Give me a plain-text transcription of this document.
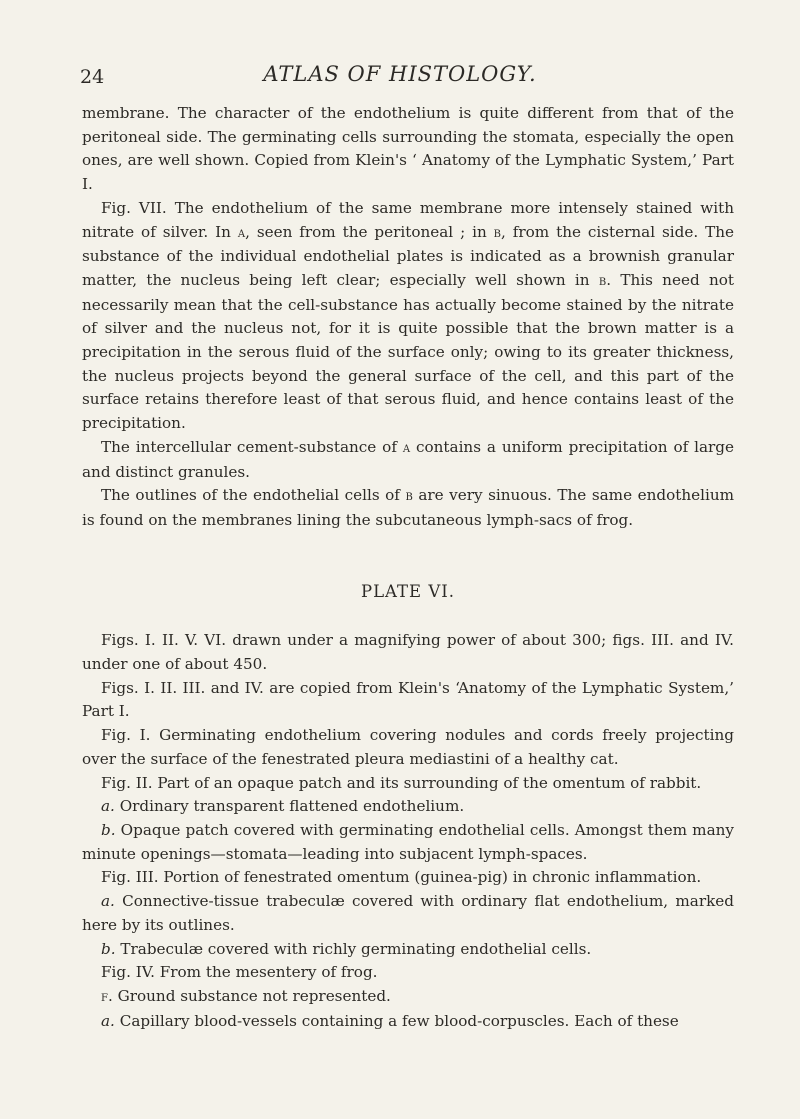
24	ATLAS OF HISTOLOGY.

membrane. The character of the endothelium is quite different from that of the peritoneal side. The germinating cells surrounding the stomata, especially the open ones, are well shown. Copied from Klein's ‘ Anatomy of the Lymphatic System,’ Part I.

Fig. VII. The endothelium of the same membrane more intensely stained with nitrate of silver. In a, seen from the peritoneal ; in b, from the cisternal side. The substance of the individual endothelial plates is indicated as a brownish granular matter, the nucleus being left clear; especially well shown in b. This need not necessarily mean that the cell-substance has actually become stained by the nitrate of silver and the nucleus not, for it is quite possible that the brown matter is a precipitation in the serous fluid of the surface only; owing to its greater thickness, the nucleus projects beyond the general surface of the cell, and this part of the surface retains therefore least of that serous fluid, and hence contains least of the precipitation.

The intercellular cement-substance of a contains a uniform precipitation of large and distinct granules.

The outlines of the endothelial cells of b are very sinuous. The same endothelium is found on the membranes lining the subcutaneous lymph-sacs of frog.

PLATE VI.

Figs. I. II. V. VI. drawn under a magnifying power of about 300; figs. III. and IV. under one of about 450.

Figs. I. II. III. and IV. are copied from Klein's ‘Anatomy of the Lymphatic System,’ Part I.

Fig. I. Germinating endothelium covering nodules and cords freely projecting over the surface of the fenestrated pleura mediastini of a healthy cat.

Fig. II. Part of an opaque patch and its surrounding of the omentum of rabbit.

a. Ordinary transparent flattened endothelium.

b. Opaque patch covered with germinating endothelial cells. Amongst them many minute openings—stomata—leading into subjacent lymph-spaces.

Fig. III. Portion of fenestrated omentum (guinea-pig) in chronic inflammation.

a. Connective-tissue trabeculæ covered with ordinary flat endothelium, marked here by its outlines.

b. Trabeculæ covered with richly germinating endothelial cells.

Fig. IV. From the mesentery of frog.

f. Ground substance not represented.

a. Capillary blood-vessels containing a few blood-corpuscles. Each of these
